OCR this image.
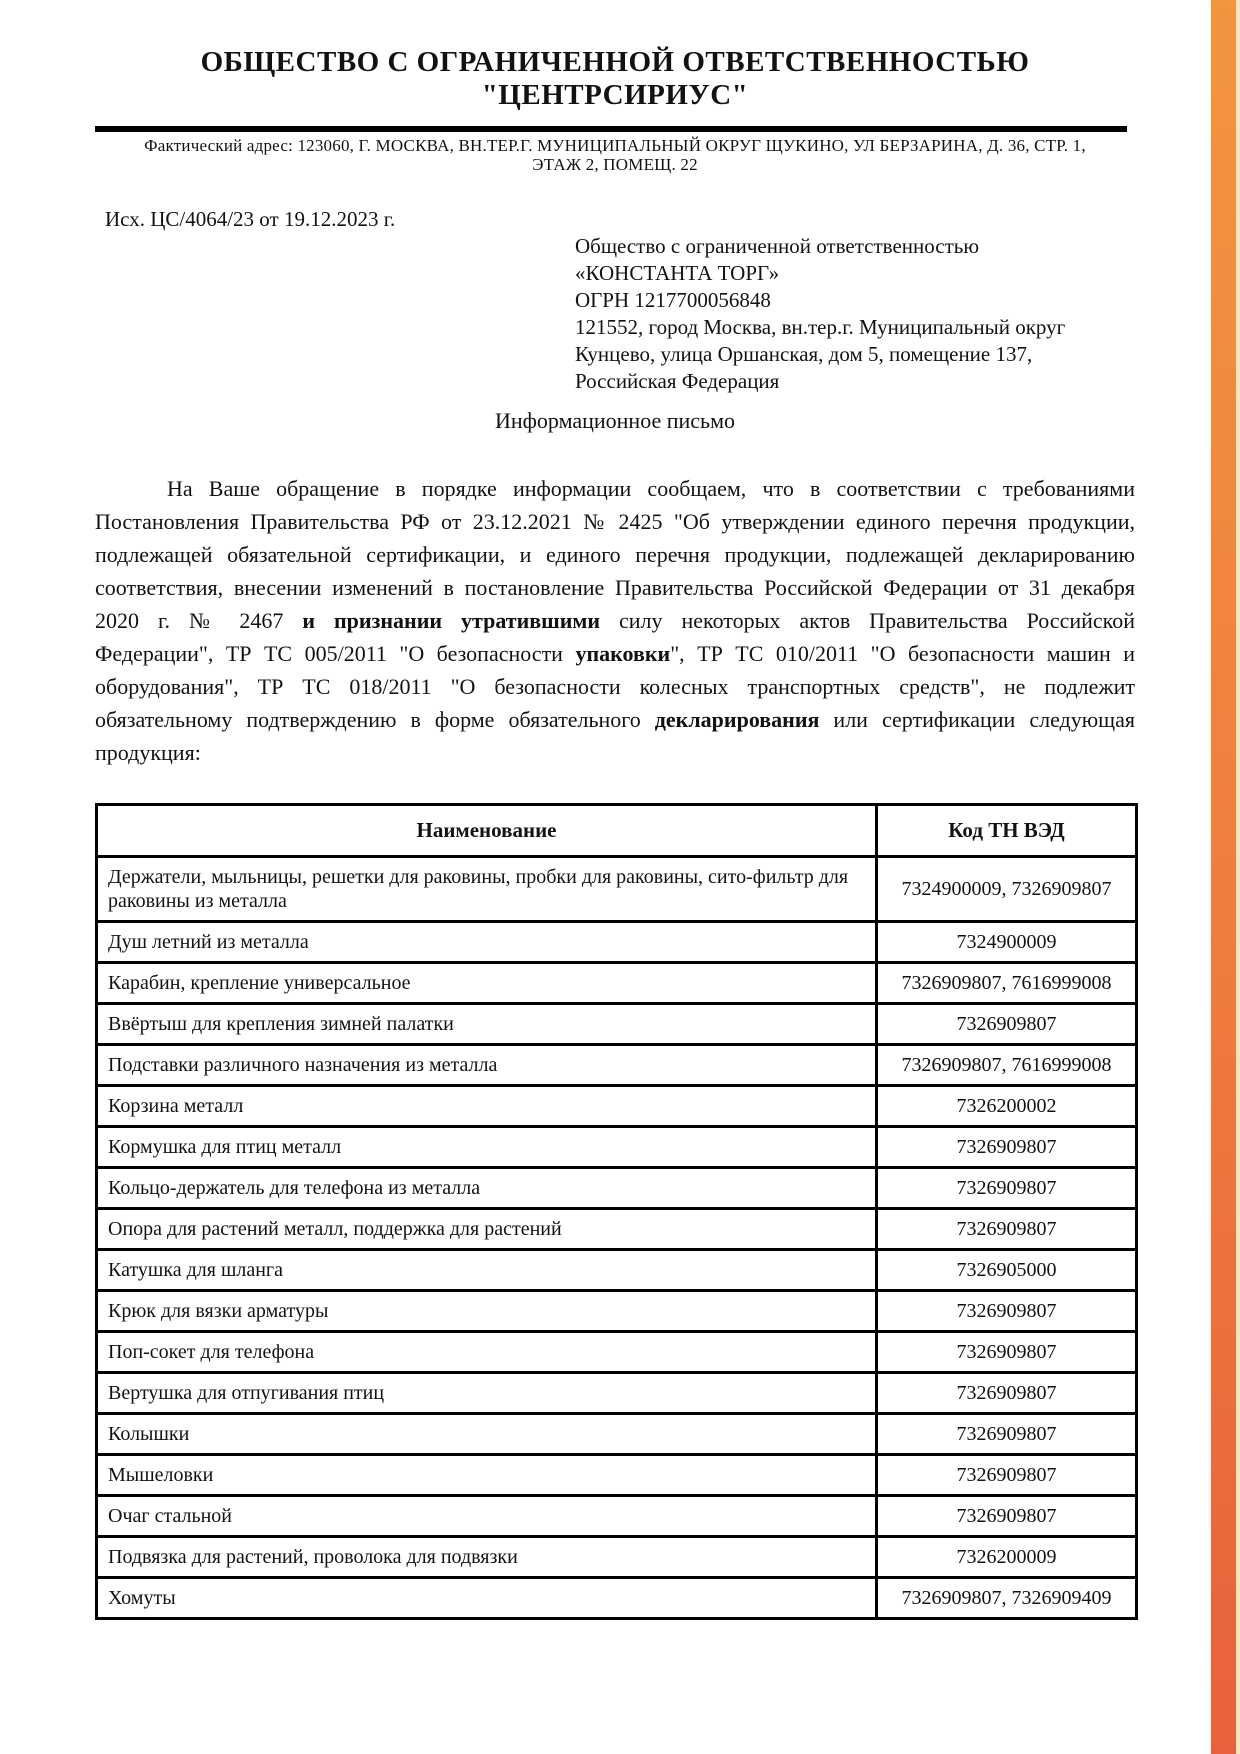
ОБЩЕСТВО С ОГРАНИЧЕННОЙ ОТВЕТСТВЕННОСТЬЮ
"ЦЕНТРСИРИУС"
Фактический адрес: 123060, Г. МОСКВА, ВН.ТЕР.Г. МУНИЦИПАЛЬНЫЙ ОКРУГ ЩУКИНО, УЛ БЕРЗАРИНА, Д. 36, СТР. 1,
ЭТАЖ 2, ПОМЕЩ. 22
Исх. ЦС/4064/23 от 19.12.2023 г.
Общество с ограниченной ответственностью
«КОНСТАНТА ТОРГ»
ОГРН 1217700056848
121552, город Москва, вн.тер.г. Муниципальный округ
Кунцево, улица Оршанская, дом 5, помещение 137,
Российская Федерация
Информационное письмо

На Ваше обращение в порядке информации сообщаем, что в соответствии с требованиями Постановления Правительства РФ от 23.12.2021 № 2425 "Об утверждении единого перечня продукции, подлежащей обязательной сертификации, и единого перечня продукции, подлежащей декларированию соответствия, внесении изменений в постановление Правительства Российской Федерации от 31 декабря 2020 г. № 2467 и признании утратившими силу некоторых актов Правительства Российской Федерации", ТР ТС 005/2011 "О безопасности упаковки", ТР ТС 010/2011 "О безопасности машин и оборудования", ТР ТС 018/2011 "О безопасности колесных транспортных средств", не подлежит обязательному подтверждению в форме обязательного декларирования или сертификации следующая продукция:

Наименование	Код ТН ВЭД
Держатели, мыльницы, решетки для раковины, пробки для раковины, сито-фильтр для раковины из металла	7324900009, 7326909807
Душ летний из металла	7324900009
Карабин, крепление универсальное	7326909807, 7616999008
Ввёртыш для крепления зимней палатки	7326909807
Подставки различного назначения из металла	7326909807, 7616999008
Корзина металл	7326200002
Кормушка для птиц металл	7326909807
Кольцо-держатель для телефона из металла	7326909807
Опора для растений металл, поддержка для растений	7326909807
Катушка для шланга	7326905000
Крюк для вязки арматуры	7326909807
Поп-сокет для телефона	7326909807
Вертушка для отпугивания птиц	7326909807
Колышки	7326909807
Мышеловки	7326909807
Очаг стальной	7326909807
Подвязка для растений, проволока для подвязки	7326200009
Хомуты	7326909807, 7326909409
